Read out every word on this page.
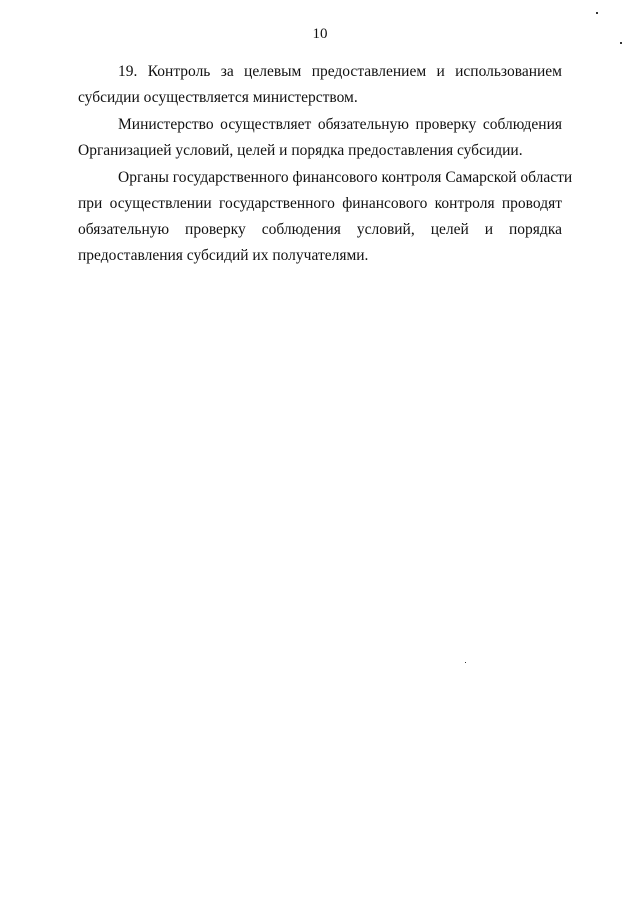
10
19. Контроль за целевым предоставлением и использованием
субсидии осуществляется министерством.
Министерство осуществляет обязательную проверку соблюдения
Организацией условий, целей и порядка предоставления субсидии.
Органы государственного финансового контроля Самарской области
при осуществлении государственного финансового контроля проводят
обязательную проверку соблюдения условий, целей и порядка
предоставления субсидий их получателями.
